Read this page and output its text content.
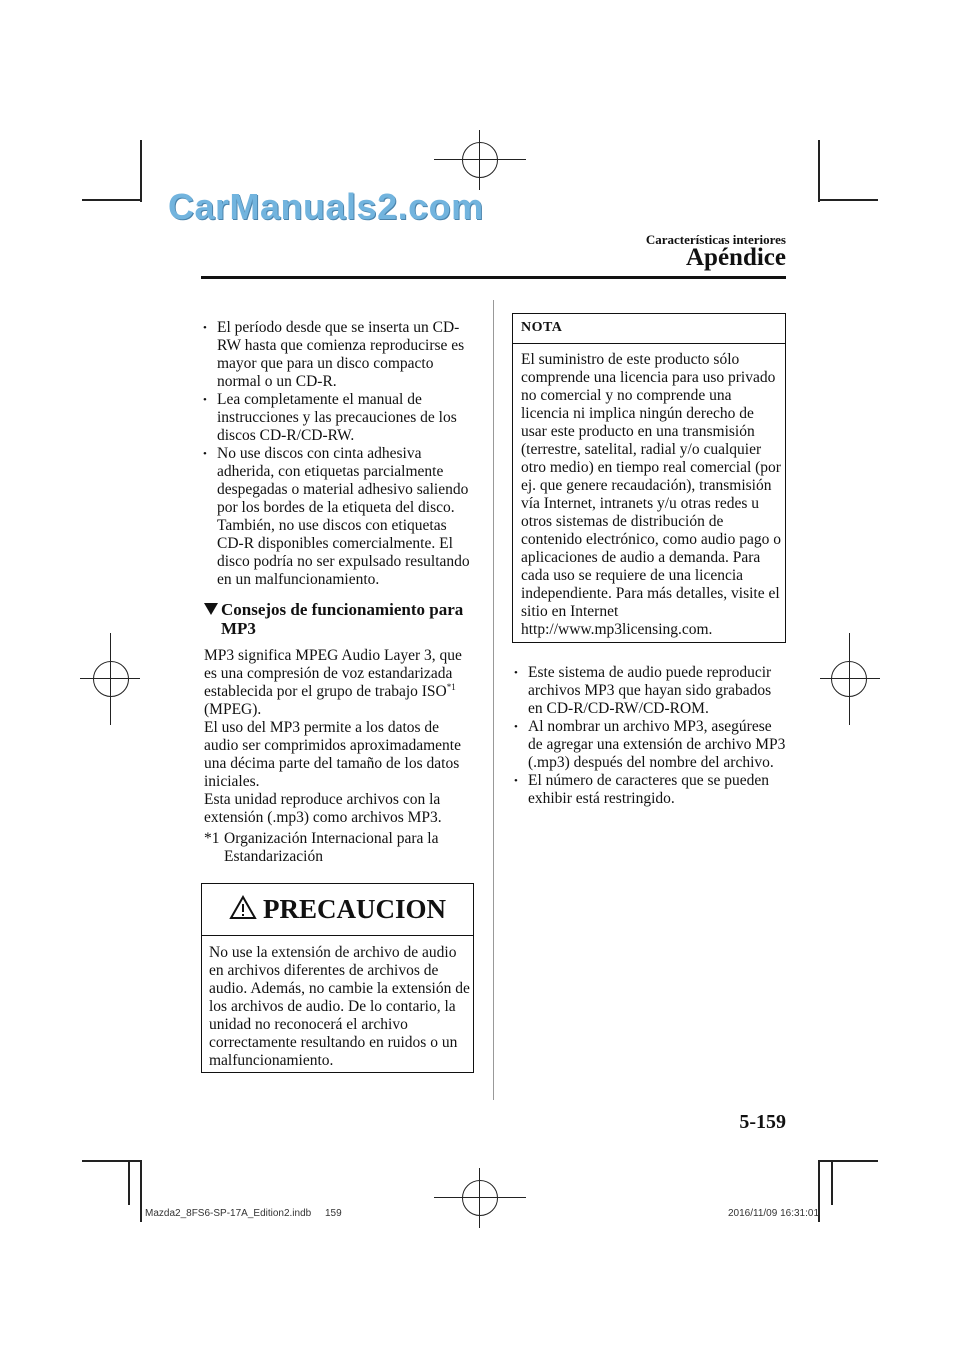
CarManuals2.com
Características interiores
Apéndice
• El período desde que se inserta un CD-RW hasta que comienza reproducirse es mayor que para un disco compacto normal o un CD-R.
• Lea completamente el manual de instrucciones y las precauciones de los discos CD-R/CD-RW.
• No use discos con cinta adhesiva adherida, con etiquetas parcialmente despegadas o material adhesivo saliendo por los bordes de la etiqueta del disco. También, no use discos con etiquetas CD-R disponibles comercialmente. El disco podría no ser expulsado resultando en un malfuncionamiento.
Consejos de funcionamiento para
MP3

MP3 significa MPEG Audio Layer 3, que es una compresión de voz estandarizada establecida por el grupo de trabajo ISO$^{*1}$ (MPEG).

El uso del MP3 permite a los datos de audio ser comprimidos aproximadamente una décima parte del tamaño de los datos iniciales.

Esta unidad reproduce archivos con la extensión (.mp3) como archivos MP3.

*1 Organización Internacional para la
Estandarización
PRECAUCION
No use la extensión de archivo de audio en archivos diferentes de archivos de audio. Además, no cambie la extensión de los archivos de audio. De lo contario, la unidad no reconocerá el archivo correctamente resultando en ruidos o un malfuncionamiento.
NOTA
El suministro de este producto sólo comprende una licencia para uso privado no comercial y no comprende una licencia ni implica ningún derecho de usar este producto en una transmisión (terrestre, satelital, radial y/o cualquier otro medio) en tiempo real comercial (por ej. que genere recaudación), transmisión vía Internet, intranets y/u otras redes u otros sistemas de distribución de contenido electrónico, como audio pago o aplicaciones de audio a demanda. Para cada uso se requiere de una licencia independiente. Para más detalles, visite el sitio en Internet http://www.mp3licensing.com.
• Este sistema de audio puede reproducir archivos MP3 que hayan sido grabados en CD-R/CD-RW/CD-ROM.
• Al nombrar un archivo MP3, asegúrese de agregar una extensión de archivo MP3 (.mp3) después del nombre del archivo.
• El número de caracteres que se pueden exhibir está restringido.
5-159
Mazda2_8FS6-SP-17A_Edition2.indb 159	2016/11/09 16:31:01
